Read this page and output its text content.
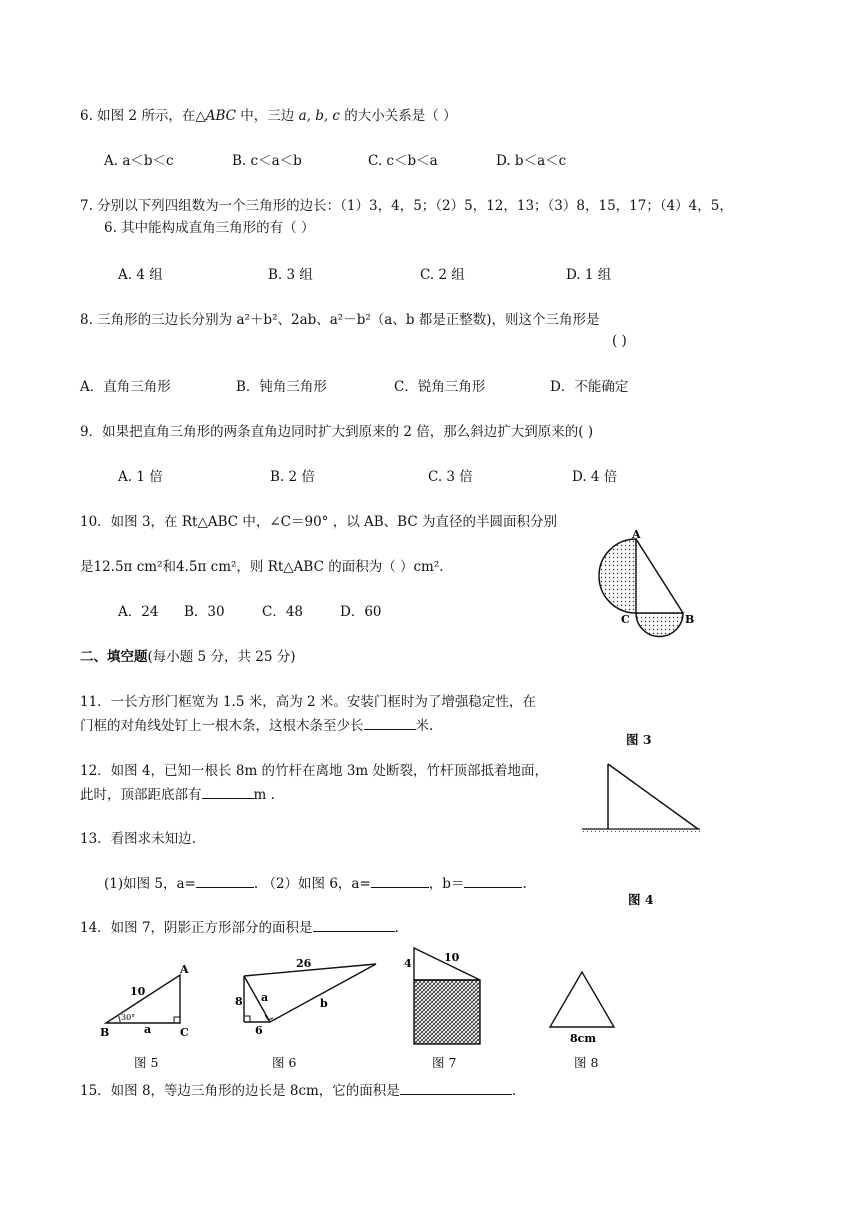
6. 如图 2 所示，在△ABC 中，三边 a, b, c 的大小关系是（ ）
A. a＜b＜c	B. c＜a＜b	C. c＜b＜a	D. b＜a＜c
7. 分别以下列四组数为一个三角形的边长：（1）3，4，5；（2）5，12，13；（3）8，15，17；（4）4，5，
6. 其中能构成直角三角形的有（ ）
A. 4 组	B. 3 组	C. 2 组	D. 1 组
8. 三角形的三边长分别为 a²＋b²、2ab、a²－b²（a、b 都是正整数)，则这个三角形是
( )
A．直角三角形	B．钝角三角形	C．锐角三角形	D．不能确定
9．如果把直角三角形的两条直角边同时扩大到原来的 2 倍，那么斜边扩大到原来的( )
A. 1 倍	B. 2 倍	C. 3 倍	D. 4 倍
10．如图 3，在 Rt△ABC 中，∠C＝90° ，以 AB、BC 为直径的半圆面积分别
是12.5π cm²和4.5π cm²，则 Rt△ABC 的面积为（ ）cm².
A．24 B．30	C．48	D．60
A
C	B
图 3
二、填空题(每小题 5 分，共 25 分)
11．一长方形门框宽为 1.5 米，高为 2 米。安装门框时为了增强稳定性，在
门框的对角线处钉上一根木条，这根木条至少长	米.
12．如图 4，已知一根长 8m 的竹杆在离地 3m 处断裂，竹杆顶部抵着地面，
此时，顶部距底部有	m .
图 4
13．看图求未知边.
(1)如图 5，a=	. （2）如图 6，a=	，b＝	.
14．如图 7，阴影正方形部分的面积是	.
10
30°
a
A
B	C
图 5
26
8
6
a	b
图 6
4	10
图 7
8cm
图 8
15．如图 8，等边三角形的边长是 8cm，它的面积是	.
